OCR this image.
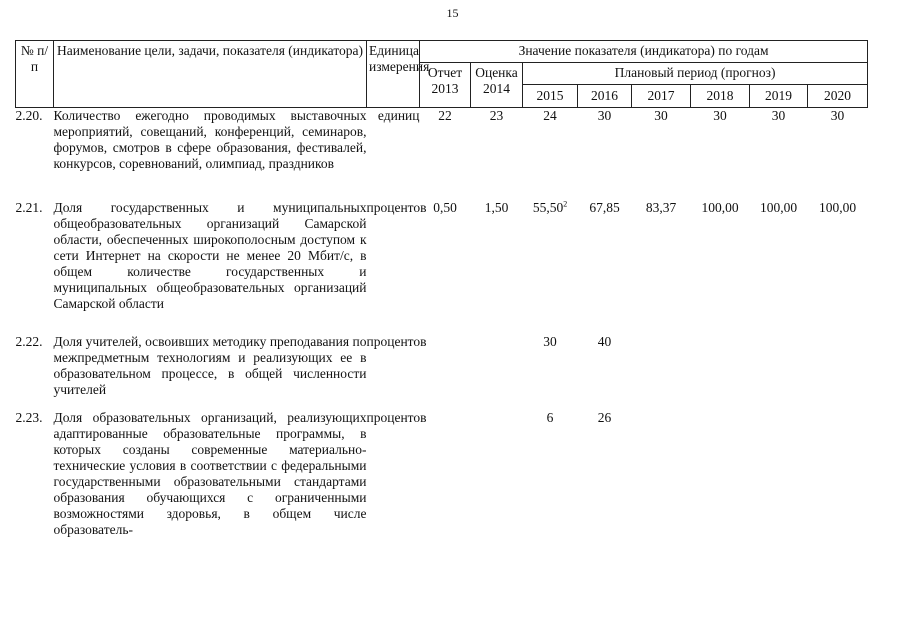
15
№ п/п	Наименование цели, задачи, показателя (индикатора)	Единица измерения	Значение показателя (индикатора) по годам							
			Отчет 2013	Оценка 2014	Плановый период (прогноз)					
					2015	2016	2017	2018	2019	2020
2.20.	Количество ежегодно проводимых выставочных мероприятий, совещаний, конференций, семинаров, форумов, смотров в сфере образования, фестивалей, конкурсов, соревнований, олимпиад, праздников	единиц	22	23	24	30	30	30	30	30
2.21.	Доля государственных и муниципальных общеобразовательных организаций Самарской области, обеспеченных широкополосным доступом к сети Интернет на скорости не менее 20 Мбит/с, в общем количестве государственных и муниципальных общеобразовательных организаций Самарской области	процентов	0,50	1,50	55,50$^2$	67,85	83,37	100,00	100,00	100,00
2.22.	Доля учителей, освоивших методику преподавания по межпредметным технологиям и реализующих ее в образовательном процессе, в общей численности учителей	процентов			30	40				
2.23.	Доля образовательных организаций, реализующих адаптированные образовательные программы, в которых созданы современные материально-технические условия в соответствии с федеральными государственными образовательными стандартами образования обучающихся с ограниченными возможностями здоровья, в общем числе образователь-	процентов			6	26				
